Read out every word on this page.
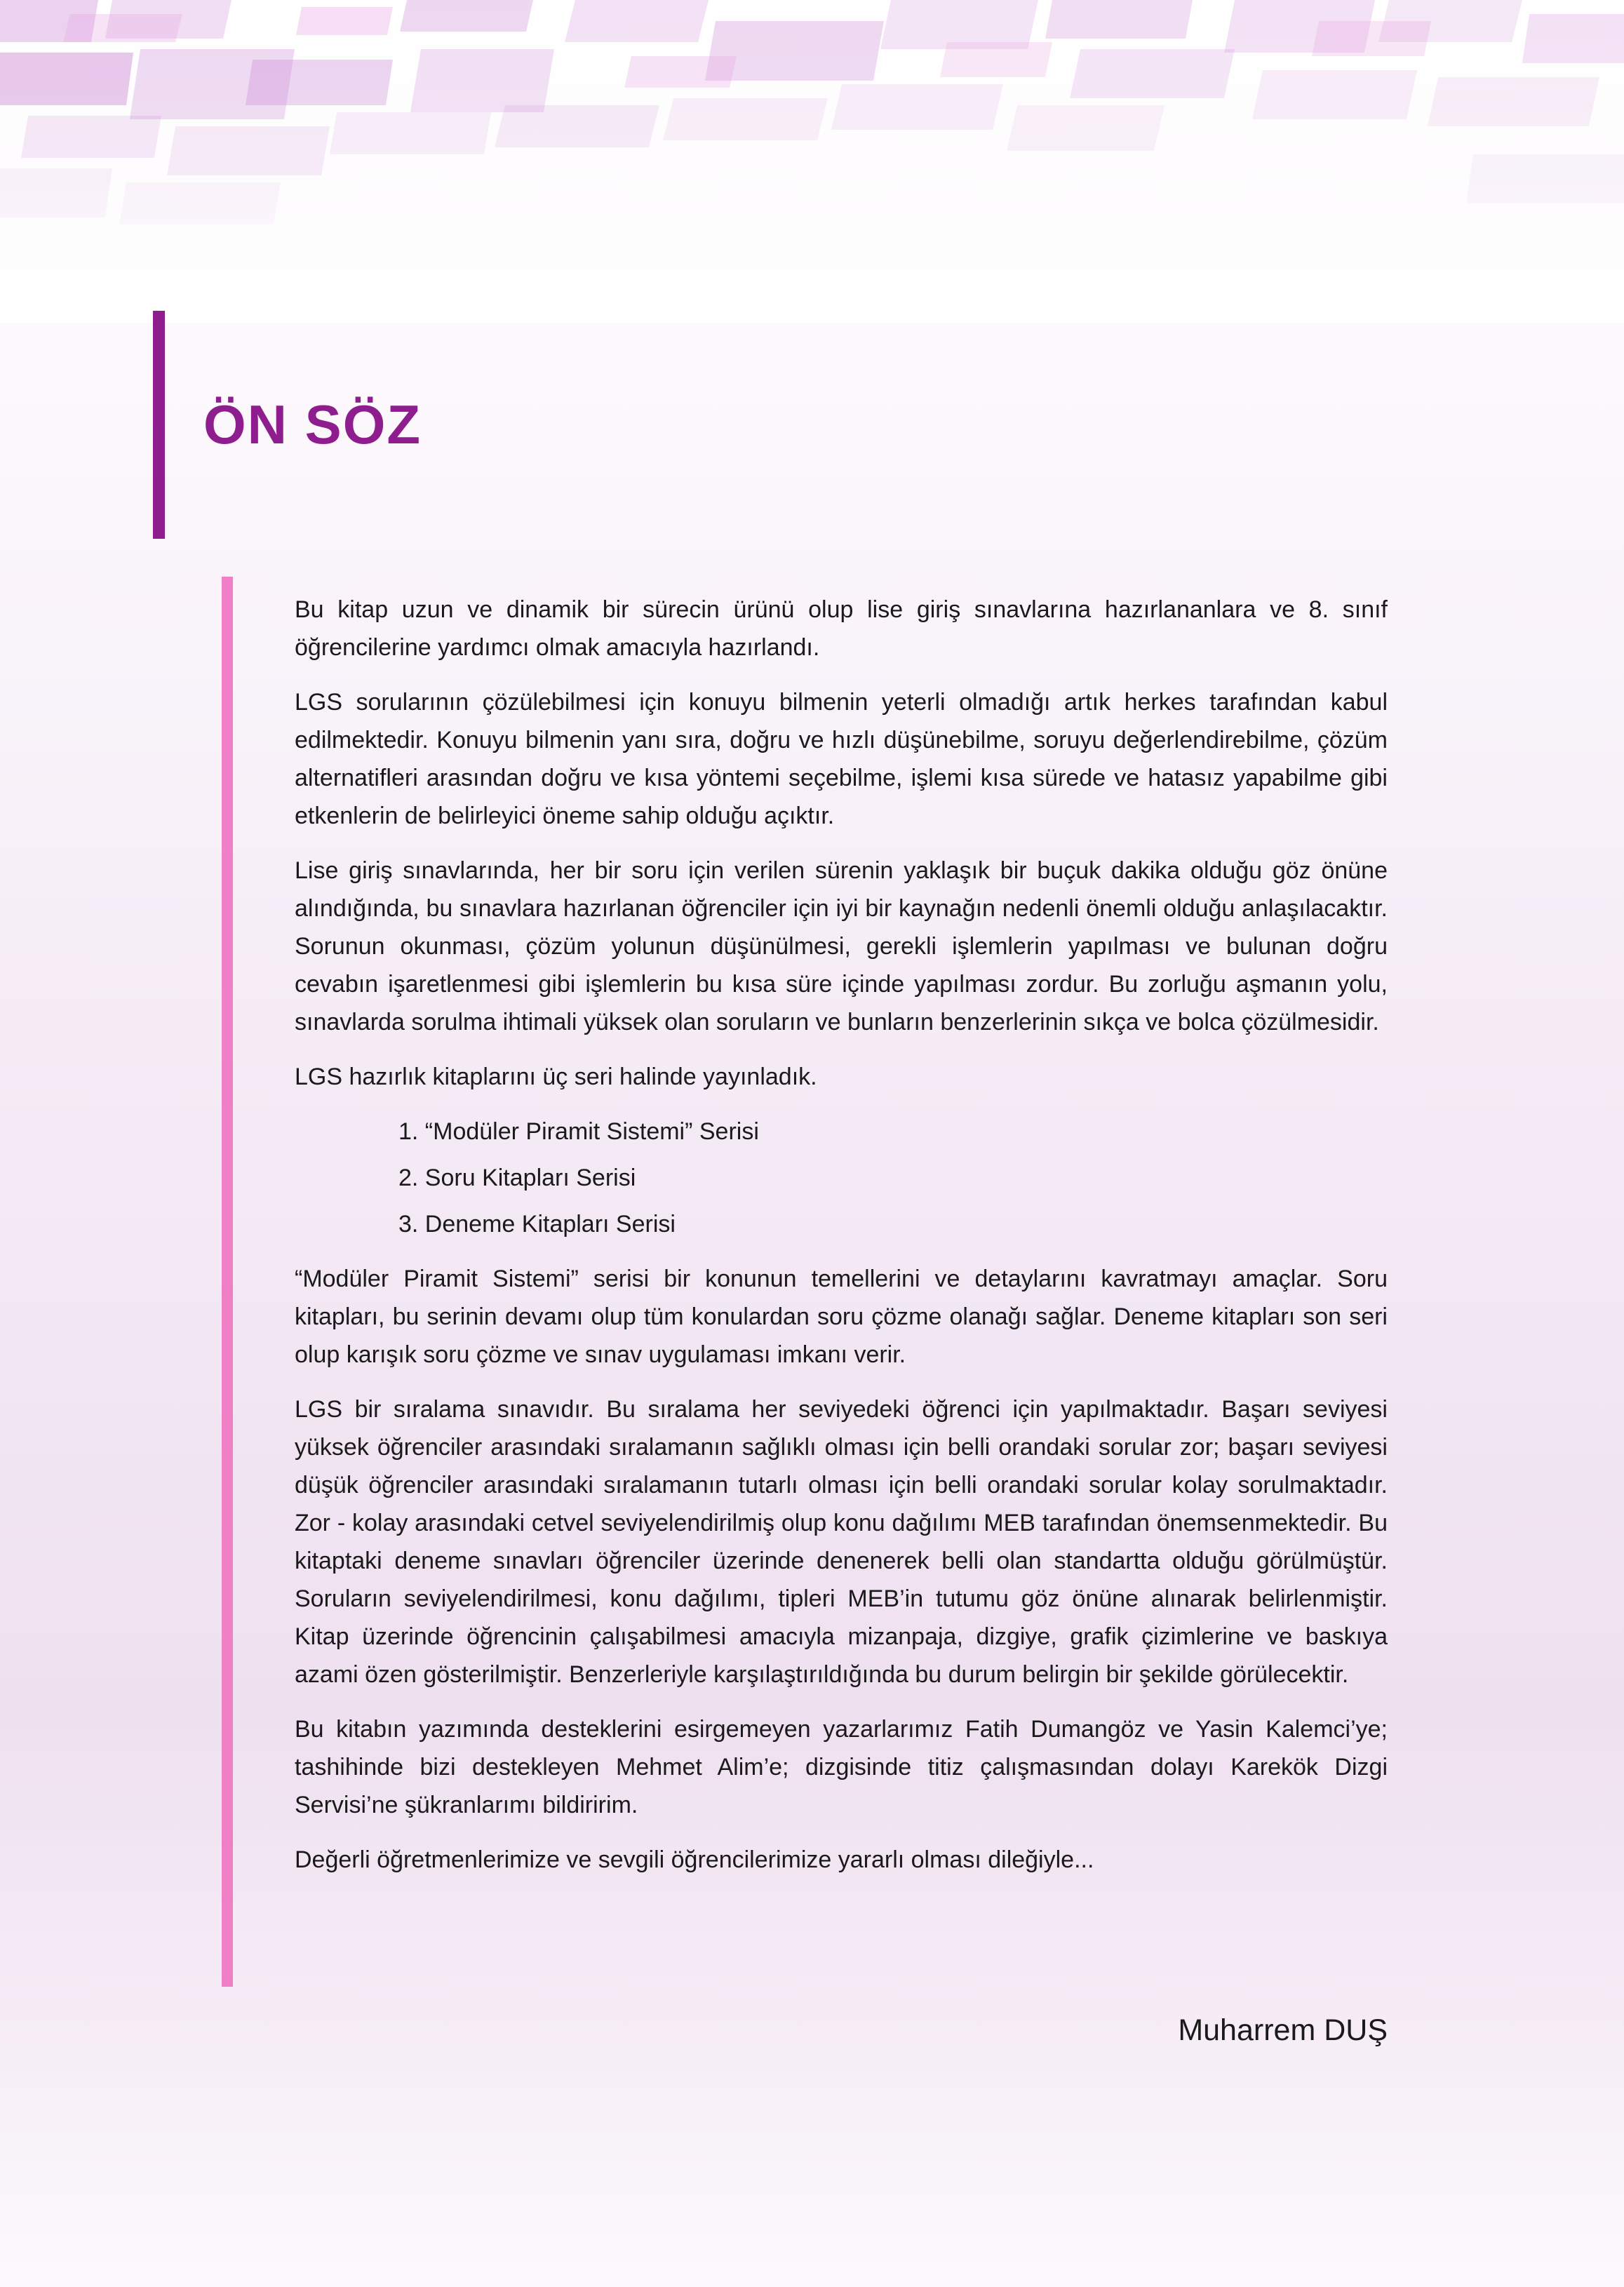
ÖN SÖZ

Bu kitap uzun ve dinamik bir sürecin ürünü olup lise giriş sınavlarına hazırlananlara ve 8. sınıf öğrencilerine yardımcı olmak amacıyla hazırlandı.

LGS sorularının çözülebilmesi için konuyu bilmenin yeterli olmadığı artık herkes tarafından kabul edilmektedir. Konuyu bilmenin yanı sıra, doğru ve hızlı düşünebilme, soruyu değerlendirebilme, çözüm alternatifleri arasından doğru ve kısa yöntemi seçebilme, işlemi kısa sürede ve hatasız yapabilme gibi etkenlerin de belirleyici öneme sahip olduğu açıktır.

Lise giriş sınavlarında, her bir soru için verilen sürenin yaklaşık bir buçuk dakika olduğu göz önüne alındığında, bu sınavlara hazırlanan öğrenciler için iyi bir kaynağın nedenli önemli olduğu anlaşılacaktır. Sorunun okunması, çözüm yolunun düşünülmesi, gerekli işlemlerin yapılması ve bulunan doğru cevabın işaretlenmesi gibi işlemlerin bu kısa süre içinde yapılması zordur. Bu zorluğu aşmanın yolu, sınavlarda sorulma ihtimali yüksek olan soruların ve bunların benzerlerinin sıkça ve bolca çözülmesidir.

LGS hazırlık kitaplarını üç seri halinde yayınladık.

1. “Modüler Piramit Sistemi” Serisi
2. Soru Kitapları Serisi
3. Deneme Kitapları Serisi

“Modüler Piramit Sistemi” serisi bir konunun temellerini ve detaylarını kavratmayı amaçlar. Soru kitapları, bu serinin devamı olup tüm konulardan soru çözme olanağı sağlar. Deneme kitapları son seri olup karışık soru çözme ve sınav uygulaması imkanı verir.

LGS bir sıralama sınavıdır. Bu sıralama her seviyedeki öğrenci için yapılmaktadır. Başarı seviyesi yüksek öğrenciler arasındaki sıralamanın sağlıklı olması için belli orandaki sorular zor; başarı seviyesi düşük öğrenciler arasındaki sıralamanın tutarlı olması için belli orandaki sorular kolay sorulmaktadır. Zor - kolay arasındaki cetvel seviyelendirilmiş olup konu dağılımı MEB tarafından önemsenmektedir. Bu kitaptaki deneme sınavları öğrenciler üzerinde denenerek belli olan standartta olduğu görülmüştür. Soruların seviyelendirilmesi, konu dağılımı, tipleri MEB’in tutumu göz önüne alınarak belirlenmiştir. Kitap üzerinde öğrencinin çalışabilmesi amacıyla mizanpaja, dizgiye, grafik çizimlerine ve baskıya azami özen gösterilmiştir. Benzerleriyle karşılaştırıldığında bu durum belirgin bir şekilde görülecektir.

Bu kitabın yazımında desteklerini esirgemeyen yazarlarımız Fatih Dumangöz ve Yasin Kalemci’ye; tashihinde bizi destekleyen Mehmet Alim’e; dizgisinde titiz çalışmasından dolayı Karekök Dizgi Servisi’ne şükranlarımı bildiririm.

Değerli öğretmenlerimize ve sevgili öğrencilerimize yararlı olması dileğiyle...

Muharrem DUŞ
